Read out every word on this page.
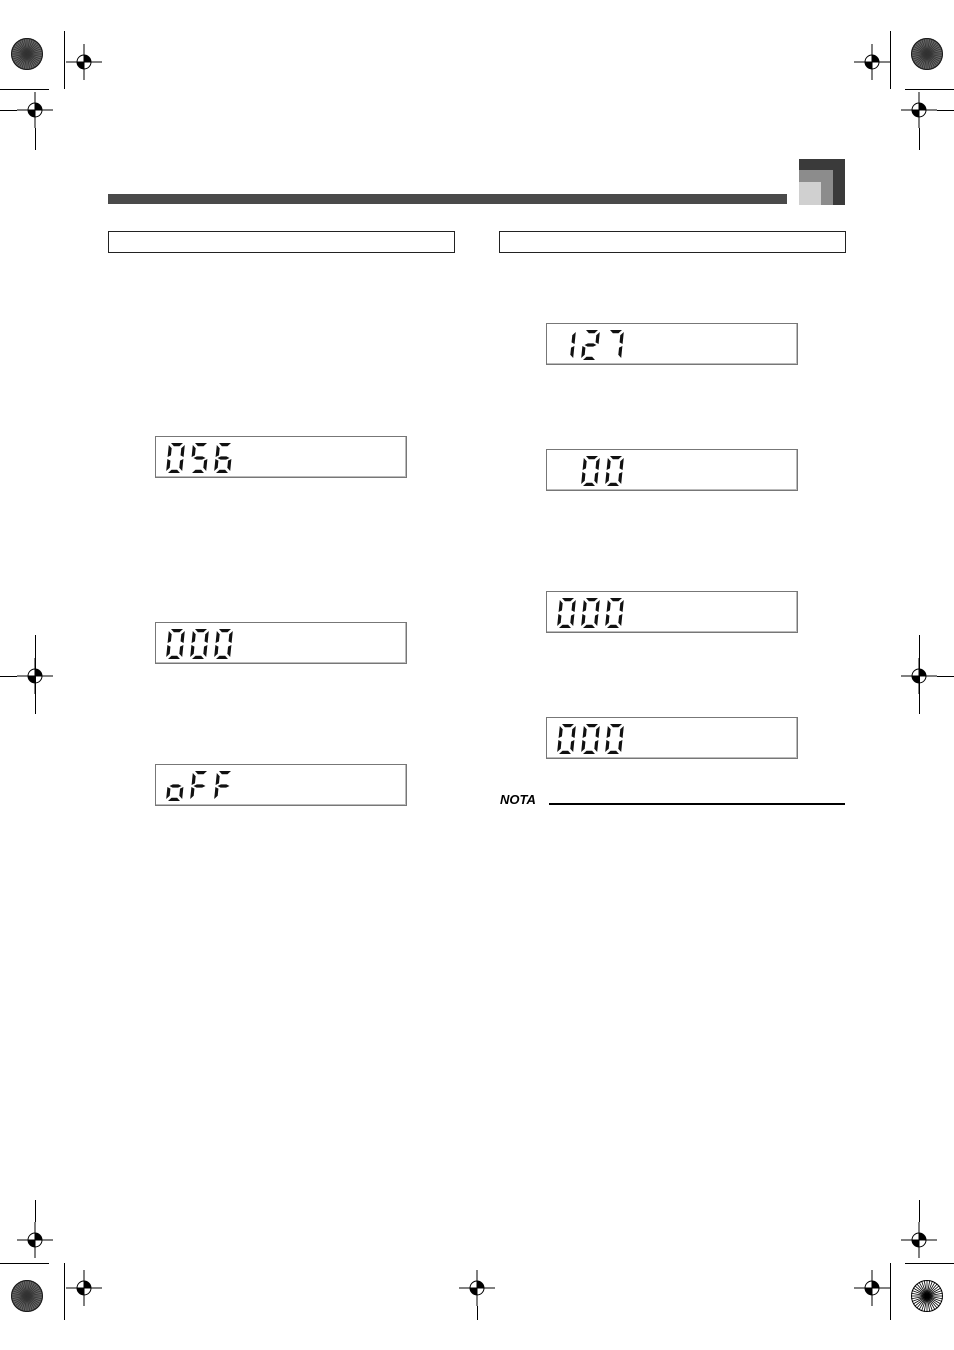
NOTA
